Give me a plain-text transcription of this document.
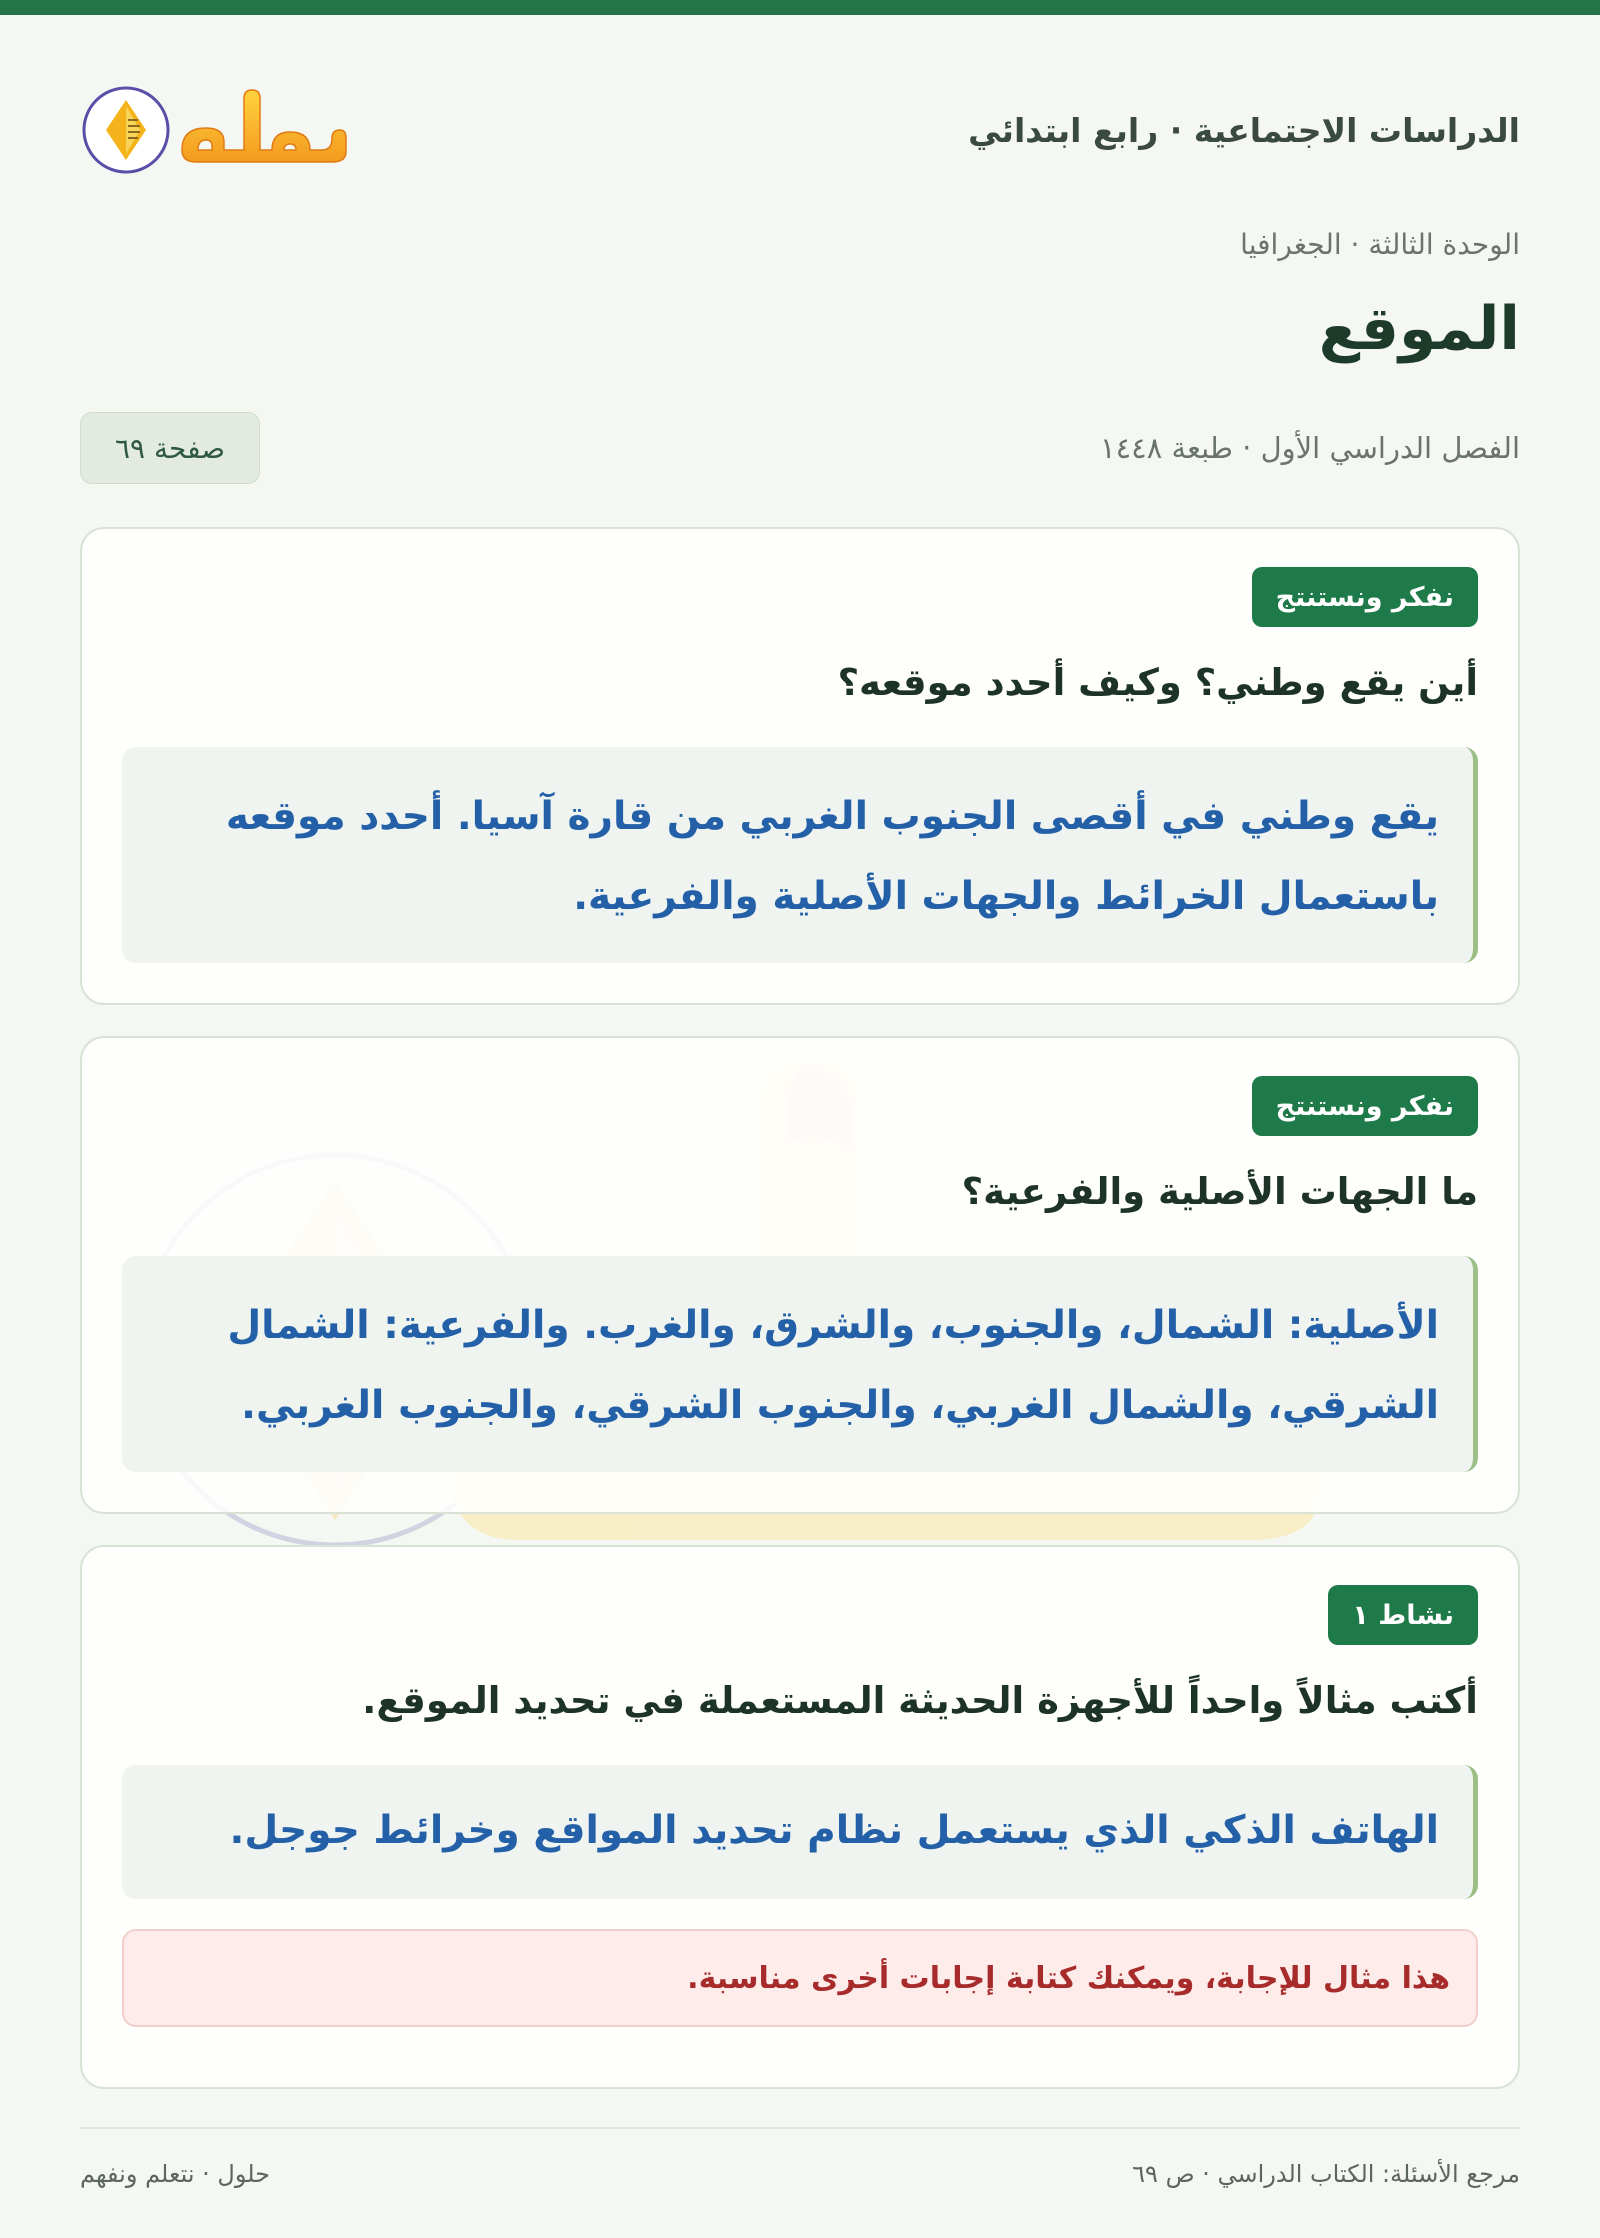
الدراسات الاجتماعية · رابع ابتدائي
الوحدة الثالثة · الجغرافيا
الموقع
الفصل الدراسي الأول · طبعة ١٤٤٨
صفحة ٦٩
نفكر ونستنتج
أين يقع وطني؟ وكيف أحدد موقعه؟
يقع وطني في أقصى الجنوب الغربي من قارة آسيا. أحدد موقعه باستعمال الخرائط والجهات الأصلية والفرعية.
نفكر ونستنتج
ما الجهات الأصلية والفرعية؟
الأصلية: الشمال، والجنوب، والشرق، والغرب. والفرعية: الشمال الشرقي، والشمال الغربي، والجنوب الشرقي، والجنوب الغربي.
نشاط ١
أكتب مثالاً واحداً للأجهزة الحديثة المستعملة في تحديد الموقع.
الهاتف الذكي الذي يستعمل نظام تحديد المواقع وخرائط جوجل.
هذا مثال للإجابة، ويمكنك كتابة إجابات أخرى مناسبة.
مرجع الأسئلة: الكتاب الدراسي · ص ٦٩
حلول · نتعلم ونفهم
